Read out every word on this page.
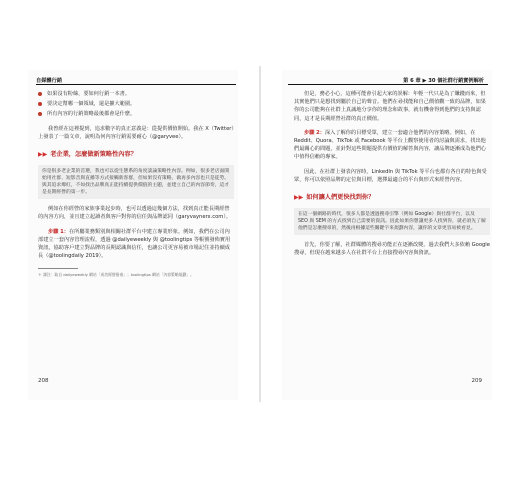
自媒體行銷	第 6 章 ▶ 30 個社群行銷實例解析
如果沒有粉絲，要如何行銷一本書。
要決定幫哪一個領域，還是擴大範圍。
所有內容的行銷策略最後都會是什麼。

我曾經在這裡提到，追求數字的真正意義是：從提供價值開始。我在 X（Twitter）上發表了一篇文章，說明為何內容行銷需要耐心（@garyvee）。

▶▶ 老企業，怎麼做新策略性內容？
你是很多老企業的首選，我也可以從生態系的角度談論策略性內容。例如，很多老店面開始用社群、短影音與直播等方式接觸新客群，但如果沒有策略，做再多內容也只是徒勞。與其追求爆紅，不如找出品牌真正能持續提供價值的主題，並建立自己的內容節奏，這才是長期經營的第一步。

例如在你經營的家族事業起步時，也可以透過這幾個方法，找到真正能長期經營的內容方向，並且建立起讀者與客戶對你的信任與品牌認同（garyvaynerx.com）。

步驟 1：在所屬業務類別與相關社群平台中建立專業形象。例如，我們在公司內部建立一套內容管理流程，透過 @dailyeweekly 與 @toolingtips 等帳號發佈實用資訊，協助客戶建立對品牌的長期認識與信任，也讓公司更容易被市場記住並持續成長（@toolingdaily 2019）。

＊ 譯注：取自 dailyeweekly 網站「成功經營指南」；toolingtips 網站「內容策略規劃」。

但是，務必小心，這種可能會引起大家的誤解：年輕一代只是為了賺錢而來，但其實他們只是想找到屬於自己的聲音。他們在尋找能和自己價值觀一致的品牌，如果你的公司能夠在社群上真誠地分享你的理念和故事，就有機會得到他們的支持與認同，這才是長期經營社群的真正價值。

步驟 2：深入了解你的目標受眾，建立一套適合他們的內容策略。例如，在 Reddit、Quora、TikTok 或 Facebook 等平台上觀察使用者的討論與需求，找出他們最關心的問題，並針對這些問題提供有價值的解答與內容，讓品牌逐漸成為他們心中值得信賴的專家。

因此，在社群上發表內容時，LinkedIn 與 TikTok 等平台也都有各自的特色與受眾，你可以依照品牌的定位與目標，選擇最適合的平台與形式來經營內容。

▶▶ 如何讓人們更快找到你？
在這一個網路的時代，很多人都是透過搜尋引擎（例如 Google）與社群平台，以及 SEO 與 SEM 的方式找到自己需要的資訊。因此如果你想讓更多人找到你，就必須先了解他們是怎麼搜尋的，然後再根據這些關鍵字來規劃內容，讓你的文章更容易被看見。

首先，你要了解，社群媒體的搜尋功能正在逐漸改變。過去我們大多依賴 Google 搜尋，但現在越來越多人在社群平台上直接搜尋內容與資訊。

208	209
